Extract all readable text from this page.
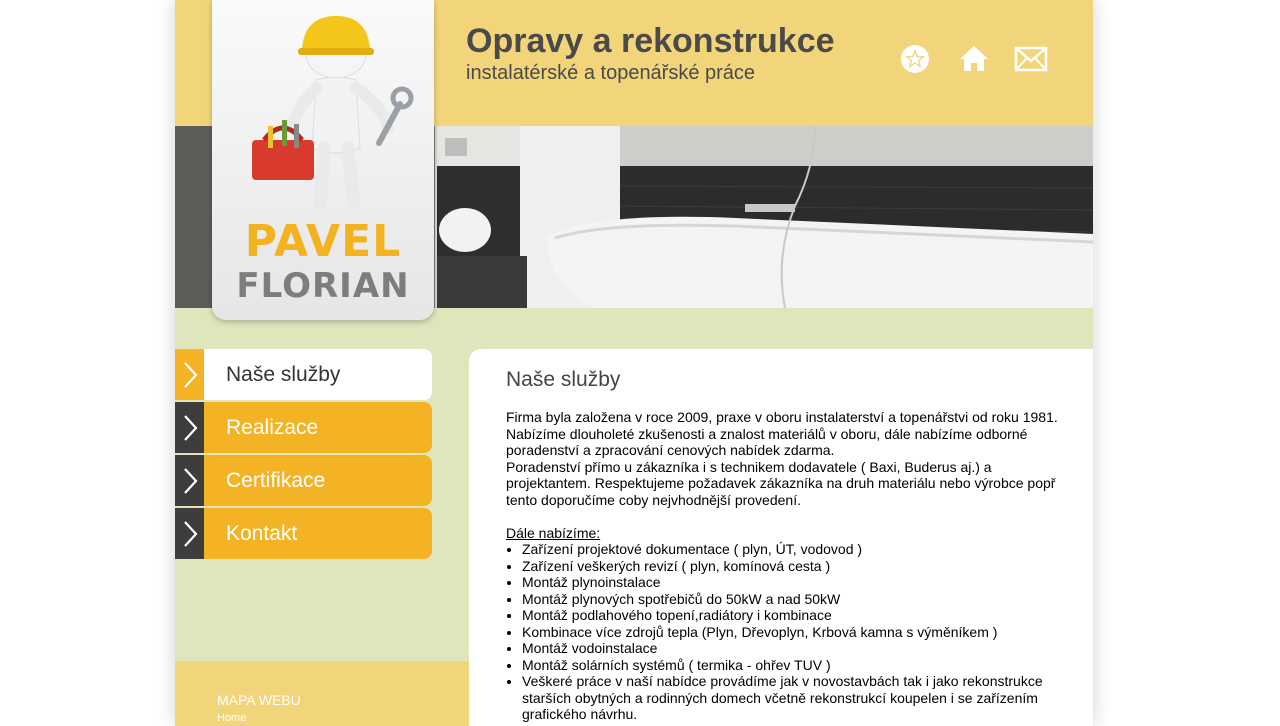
Opravy a rekonstrukce
instalatérské a topenářské práce
PAVEL
FLORIAN
Naše služby
Realizace
Certifikace
Kontakt
MAPA WEBU
Home
Naše služby

Firma byla založena v roce 2009, praxe v oboru instalaterství a topenářstvi od roku 1981. Nabízíme dlouholeté zkušenosti a znalost materiálů v oboru, dále nabízíme odborné poradenství a zpracování cenových nabídek zdarma.

Poradenství přímo u zákazníka i s technikem dodavatele ( Baxi, Buderus aj.) a projektantem. Respektujeme požadavek zákazníka na druh materiálu nebo výrobce popř tento doporučíme coby nejvhodnější provedení.

Dále nabízíme:

• Zařízení projektové dokumentace ( plyn, ÚT, vodovod )
• Zařízení veškerých revizí ( plyn, komínová cesta )
• Montáž plynoinstalace
• Montáž plynových spotřebičů do 50kW a nad 50kW
• Montáž podlahového topení,radiátory i kombinace
• Kombinace více zdrojů tepla (Plyn, Dřevoplyn, Krbová kamna s výměníkem )
• Montáž vodoinstalace
• Montáž solárních systémů ( termika - ohřev TUV )
• Veškeré práce v naší nabídce provádíme jak v novostavbách tak i jako rekonstrukce starších obytných a rodinných domech včetně rekonstrukcí koupelen i se zařízením grafického návrhu.
